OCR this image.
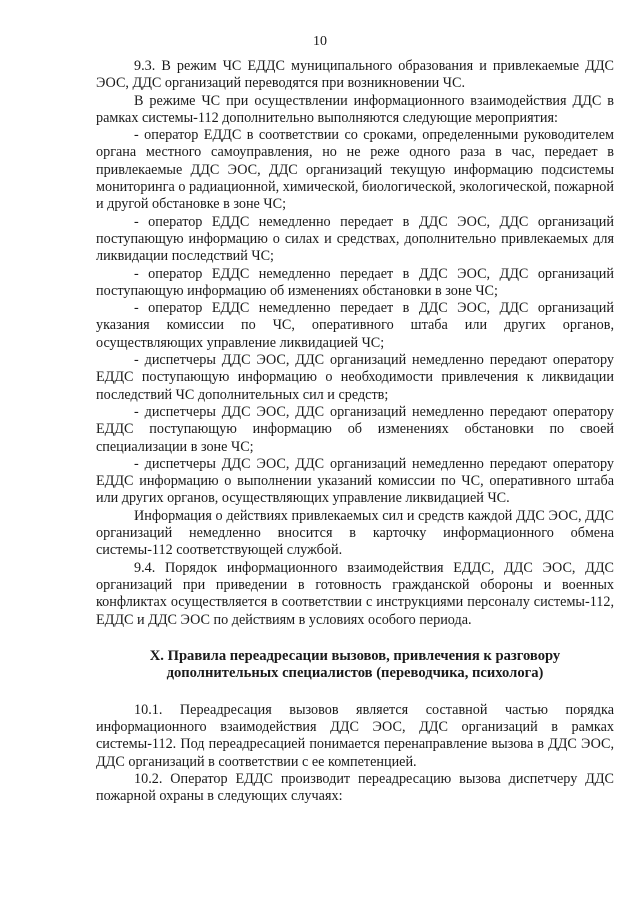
10

9.3. В режим ЧС ЕДДС муниципального образования и привлекаемые ДДС ЭОС, ДДС организаций переводятся при возникновении ЧС.

В режиме ЧС при осуществлении информационного взаимодействия ДДС в рамках системы-112 дополнительно выполняются следующие мероприятия:

- оператор ЕДДС в соответствии со сроками, определенными руководителем органа местного самоуправления, но не реже одного раза в час, передает в привлекаемые ДДС ЭОС, ДДС организаций текущую информацию подсистемы мониторинга о радиационной, химической, биологической, экологической, пожарной и другой обстановке в зоне ЧС;

- оператор ЕДДС немедленно передает в ДДС ЭОС, ДДС организаций поступающую информацию о силах и средствах, дополнительно привлекаемых для ликвидации последствий ЧС;

- оператор ЕДДС немедленно передает в ДДС ЭОС, ДДС организаций поступающую информацию об изменениях обстановки в зоне ЧС;

- оператор ЕДДС немедленно передает в ДДС ЭОС, ДДС организаций указания комиссии по ЧС, оперативного штаба или других органов, осуществляющих управление ликвидацией ЧС;

- диспетчеры ДДС ЭОС, ДДС организаций немедленно передают оператору ЕДДС поступающую информацию о необходимости привлечения к ликвидации последствий ЧС дополнительных сил и средств;

- диспетчеры ДДС ЭОС, ДДС организаций немедленно передают оператору ЕДДС поступающую информацию об изменениях обстановки по своей специализации в зоне ЧС;

- диспетчеры ДДС ЭОС, ДДС организаций немедленно передают оператору ЕДДС информацию о выполнении указаний комиссии по ЧС, оперативного штаба или других органов, осуществляющих управление ликвидацией ЧС.

Информация о действиях привлекаемых сил и средств каждой ДДС ЭОС, ДДС организаций немедленно вносится в карточку информационного обмена системы-112 соответствующей службой.

9.4. Порядок информационного взаимодействия ЕДДС, ДДС ЭОС, ДДС организаций при приведении в готовность гражданской обороны и военных конфликтах осуществляется в соответствии с инструкциями персоналу системы-112, ЕДДС и ДДС ЭОС по действиям в условиях особого периода.

X. Правила переадресации вызовов, привлечения к разговору
дополнительных специалистов (переводчика, психолога)

10.1. Переадресация вызовов является составной частью порядка информационного взаимодействия ДДС ЭОС, ДДС организаций в рамках системы-112. Под переадресацией понимается перенаправление вызова в ДДС ЭОС, ДДС организаций в соответствии с ее компетенцией.

10.2. Оператор ЕДДС производит переадресацию вызова диспетчеру ДДС пожарной охраны в следующих случаях:
